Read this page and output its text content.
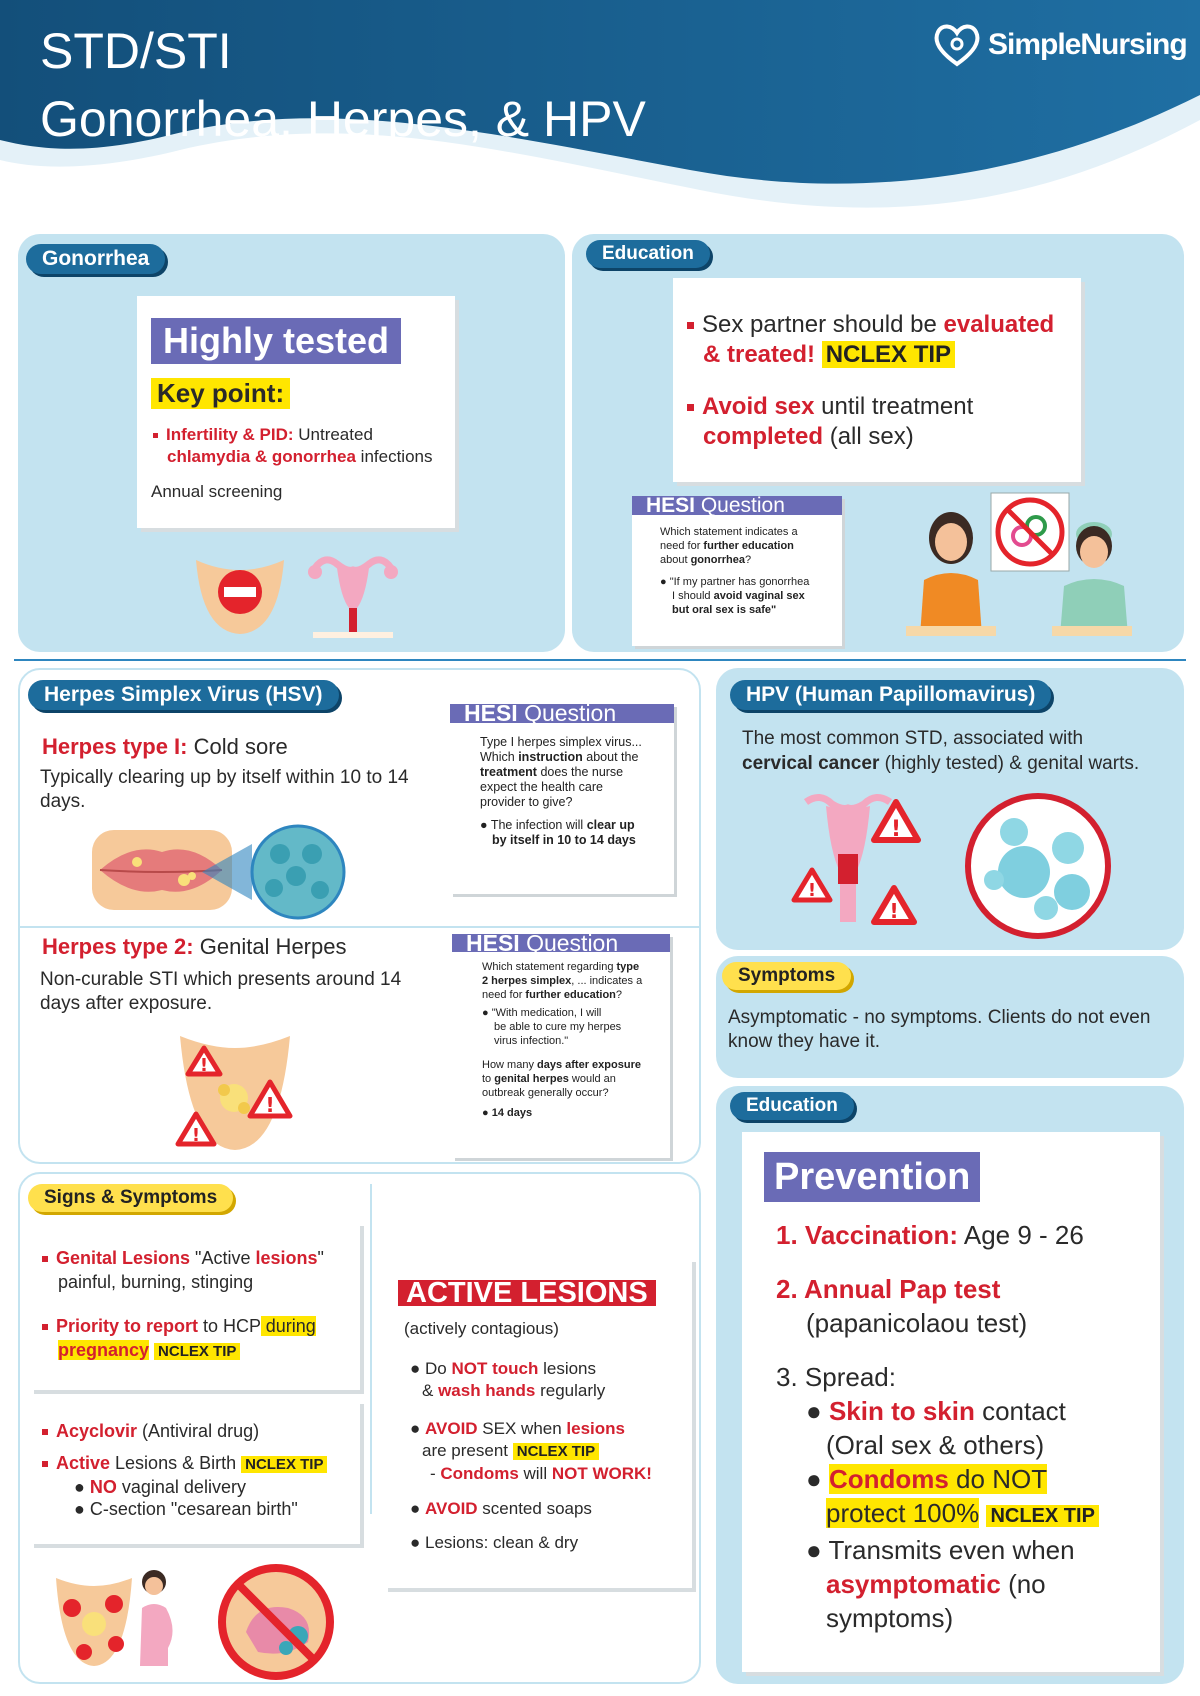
STD/STI
Gonorrhea, Herpes, & HPV
SimpleNursing
Gonorrhea
Highly tested
Key point:
Infertility & PID: Untreated
chlamydia & gonorrhea infections
Annual screening
Education
Sex partner should be evaluated
& treated! NCLEX TIP
Avoid sex until treatment
completed (all sex)
HESI Question
Which statement indicates a
need for further education
about gonorrhea?
● "If my partner has gonorrhea
I should avoid vaginal sex
but oral sex is safe"
Herpes Simplex Virus (HSV)
Herpes type I: Cold sore
Typically clearing up by itself within 10 to 14 days.
HESI Question
Type I herpes simplex virus...
Which instruction about the
treatment does the nurse
expect the health care
provider to give?
● The infection will clear up
by itself in 10 to 14 days
Herpes type 2: Genital Herpes
Non-curable STI which presents around 14 days after exposure.
!
!
!
HESI Question
Which statement regarding type
2 herpes simplex, ... indicates a
need for further education?
● "With medication, I will
be able to cure my herpes
virus infection."
How many days after exposure
to genital herpes would an
outbreak generally occur?
● 14 days
Signs & Symptoms
Genital Lesions "Active lesions"
painful, burning, stinging
Priority to report to HCP during
pregnancy NCLEX TIP
Acyclovir (Antiviral drug)
Active Lesions & Birth NCLEX TIP
● NO vaginal delivery
● C-section "cesarean birth"
ACTIVE LESIONS
(actively contagious)
● Do NOT touch lesions
& wash hands regularly
● AVOID SEX when lesions
are present NCLEX TIP
- Condoms will NOT WORK!
● AVOID scented soaps
● Lesions: clean & dry
HPV (Human Papillomavirus)
The most common STD, associated with
cervical cancer (highly tested) & genital warts.
!
!
!
Symptoms
Asymptomatic - no symptoms. Clients do not even know they have it.
Education
Prevention
1. Vaccination: Age 9 - 26
2. Annual Pap test
(papanicolaou test)
3. Spread:
● Skin to skin contact
(Oral sex & others)
● Condoms do NOT
protect 100% NCLEX TIP
● Transmits even when
asymptomatic (no
symptoms)
